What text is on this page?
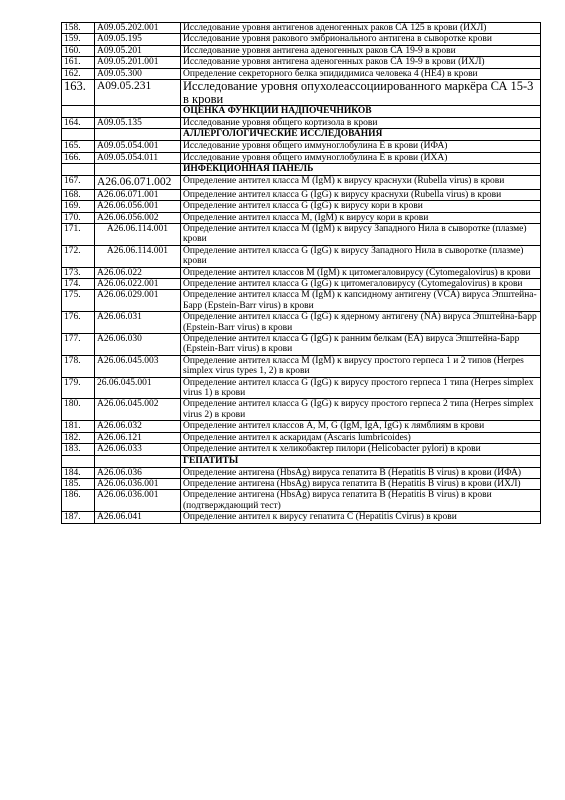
158.	А09.05.202.001	Исследование уровня антигенов аденогенных раков СА 125 в крови (ИХЛ)
159.	А09.05.195	Исследование уровня ракового эмбрионального антигена в сыворотке крови
160.	А09.05.201	Исследование уровня антигена аденогенных раков СА 19-9 в крови
161.	А09.05.201.001	Исследование уровня антигена аденогенных раков СА 19-9 в крови (ИХЛ)
162.	А09.05.300	Определение секреторного белка эпидидимиса человека 4 (HE4) в крови
163.	А09.05.231	Исследование уровня опухолеассоциированного маркёра СА 15-3 в крови
		ОЦЕНКА ФУНКЦИИ НАДПОЧЕЧНИКОВ
164.	А09.05.135	Исследование уровня общего кортизола в крови
		АЛЛЕРГОЛОГИЧЕСКИЕ ИССЛЕДОВАНИЯ
165.	А09.05.054.001	Исследование уровня общего иммуноглобулина Е в крови (ИФА)
166.	А09.05.054.011	Исследование уровня общего иммуноглобулина Е в крови (ИХА)
		ИНФЕКЦИОННАЯ ПАНЕЛЬ
167.	А26.06.071.002	Определение антител класса М (IgM) к вирусу краснухи (Rubella virus) в крови
168.	А26.06.071.001	Определение антител класса G (IgG) к вирусу краснухи (Rubella virus) в крови
169.	А26.06.056.001	Определение антител класса G (IgG) к вирусу кори в крови
170.	А26.06.056.002	Определение антител класса М, (IgM) к вирусу кори в крови
171.	А26.06.114.001	Определение антител класса М (IgM) к вирусу Западного Нила в сыворотке (плазме) крови
172.	А26.06.114.001	Определение антител класса G (IgG) к вирусу Западного Нила в сыворотке (плазме) крови
173.	А26.06.022	Определение антител классов М (IgM) к цитомегаловирусу (Cytomegalovirus) в крови
174.	А26.06.022.001	Определение антител класса G (IgG) к цитомегаловирусу (Cytomegalovirus) в крови
175.	А26.06.029.001	Определение антител класса М (IgM) к капсидному антигену (VCA) вируса Эпштейна-Барр (Epstein-Barr virus) в крови
176.	А26.06.031	Определение антител класса G (IgG) к ядерному антигену (NA) вируса Эпштейна-Барр (Epstein-Barr virus) в крови
177.	А26.06.030	Определение антител класса G (IgG) к ранним белкам (EA) вируса Эпштейна-Барр (Epstein-Barr virus) в крови
178.	А26.06.045.003	Определение антител класса М (IgM) к вирусу простого герпеса 1 и 2 типов (Herpes simplex virus types 1, 2) в крови
179.	26.06.045.001	Определение антител класса G (IgG) к вирусу простого герпеса 1 типа (Herpes simplex virus 1) в крови
180.	А26.06.045.002	Определение антител класса G (IgG) к вирусу простого герпеса 2 типа (Herpes simplex virus 2) в крови
181.	А26.06.032	Определение антител классов А, М, G (IgM, IgA, IgG) к лямблиям в крови
182.	А26.06.121	Определение антител к аскаридам (Ascaris lumbricoides)
183.	А26.06.033	Определение антител к хеликобактер пилори (Helicobacter pylori) в крови
		ГЕПАТИТЫ
184.	А26.06.036	Определение антигена (HbsAg) вируса гепатита В (Hepatitis В virus) в крови (ИФА)
185.	А26.06.036.001	Определение антигена (HbsAg) вируса гепатита В (Hepatitis В virus) в крови (ИХЛ)
186.	А26.06.036.001	Определение антигена (HbsAg) вируса гепатита В (Hepatitis В virus) в крови (подтверждающий тест)
187.	А26.06.041	Определение антител к вирусу гепатита С (Hepatitis Cvirus) в крови
